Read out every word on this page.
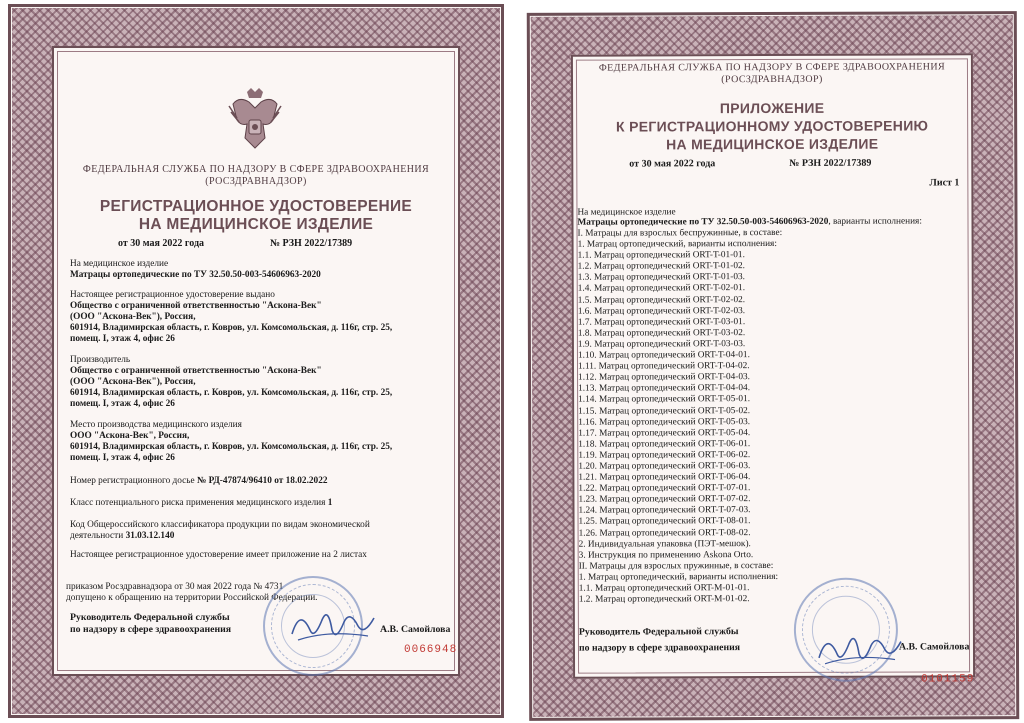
ФЕДЕРАЛЬНАЯ СЛУЖБА ПО НАДЗОРУ В СФЕРЕ ЗДРАВООХРАНЕНИЯ
(РОСЗДРАВНАДЗОР)
РЕГИСТРАЦИОННОЕ УДОСТОВЕРЕНИЕ
НА МЕДИЦИНСКОЕ ИЗДЕЛИЕ
от 30 мая 2022 года	№ РЗН 2022/17389
На медицинское изделие
Матрацы ортопедические по ТУ 32.50.50-003-54606963-2020
Настоящее регистрационное удостоверение выдано
Общество с ограниченной ответственностью "Аскона-Век"
(ООО "Аскона-Век"), Россия,
601914, Владимирская область, г. Ковров, ул. Комсомольская, д. 116г, стр. 25,
помещ. I, этаж 4, офис 26
Производитель
Общество с ограниченной ответственностью "Аскона-Век"
(ООО "Аскона-Век"), Россия,
601914, Владимирская область, г. Ковров, ул. Комсомольская, д. 116г, стр. 25,
помещ. I, этаж 4, офис 26
Место производства медицинского изделия
ООО "Аскона-Век", Россия,
601914, Владимирская область, г. Ковров, ул. Комсомольская, д. 116г, стр. 25,
помещ. I, этаж 4, офис 26
Номер регистрационного досье № РД-47874/96410 от 18.02.2022
Класс потенциального риска применения медицинского изделия 1
Код Общероссийского классификатора продукции по видам экономической
деятельности 31.03.12.140
Настоящее регистрационное удостоверение имеет приложение на 2 листах
приказом Росздравнадзора от 30 мая 2022 года № 4731
допущено к обращению на территории Российской Федерации.
Руководитель Федеральной службы
по надзору в сфере здравоохранения	А.В. Самойлова
0066948
ФЕДЕРАЛЬНАЯ СЛУЖБА ПО НАДЗОРУ В СФЕРЕ ЗДРАВООХРАНЕНИЯ
(РОСЗДРАВНАДЗОР)
ПРИЛОЖЕНИЕ
К РЕГИСТРАЦИОННОМУ УДОСТОВЕРЕНИЮ
НА МЕДИЦИНСКОЕ ИЗДЕЛИЕ
от 30 мая 2022 года	№ РЗН 2022/17389
Лист 1
На медицинское изделие
Матрацы ортопедические по ТУ 32.50.50-003-54606963-2020, варианты исполнения:
I. Матрацы для взрослых беспружинные, в составе:
1. Матрац ортопедический, варианты исполнения:
1.1. Матрац ортопедический ORT-T-01-01.
1.2. Матрац ортопедический ORT-T-01-02.
1.3. Матрац ортопедический ORT-T-01-03.
1.4. Матрац ортопедический ORT-T-02-01.
1.5. Матрац ортопедический ORT-T-02-02.
1.6. Матрац ортопедический ORT-T-02-03.
1.7. Матрац ортопедический ORT-T-03-01.
1.8. Матрац ортопедический ORT-T-03-02.
1.9. Матрац ортопедический ORT-T-03-03.
1.10. Матрац ортопедический ORT-T-04-01.
1.11. Матрац ортопедический ORT-T-04-02.
1.12. Матрац ортопедический ORT-T-04-03.
1.13. Матрац ортопедический ORT-T-04-04.
1.14. Матрац ортопедический ORT-T-05-01.
1.15. Матрац ортопедический ORT-T-05-02.
1.16. Матрац ортопедический ORT-T-05-03.
1.17. Матрац ортопедический ORT-T-05-04.
1.18. Матрац ортопедический ORT-T-06-01.
1.19. Матрац ортопедический ORT-T-06-02.
1.20. Матрац ортопедический ORT-T-06-03.
1.21. Матрац ортопедический ORT-T-06-04.
1.22. Матрац ортопедический ORT-T-07-01.
1.23. Матрац ортопедический ORT-T-07-02.
1.24. Матрац ортопедический ORT-T-07-03.
1.25. Матрац ортопедический ORT-T-08-01.
1.26. Матрац ортопедический ORT-T-08-02.
2. Индивидуальная упаковка (ПЭТ-мешок).
3. Инструкция по применению Askona Orto.
II. Матрацы для взрослых пружинные, в составе:
1. Матрац ортопедический, варианты исполнения:
1.1. Матрац ортопедический ORT-M-01-01.
1.2. Матрац ортопедический ORT-M-01-02.
Руководитель Федеральной службы
по надзору в сфере здравоохранения	А.В. Самойлова
0101159
